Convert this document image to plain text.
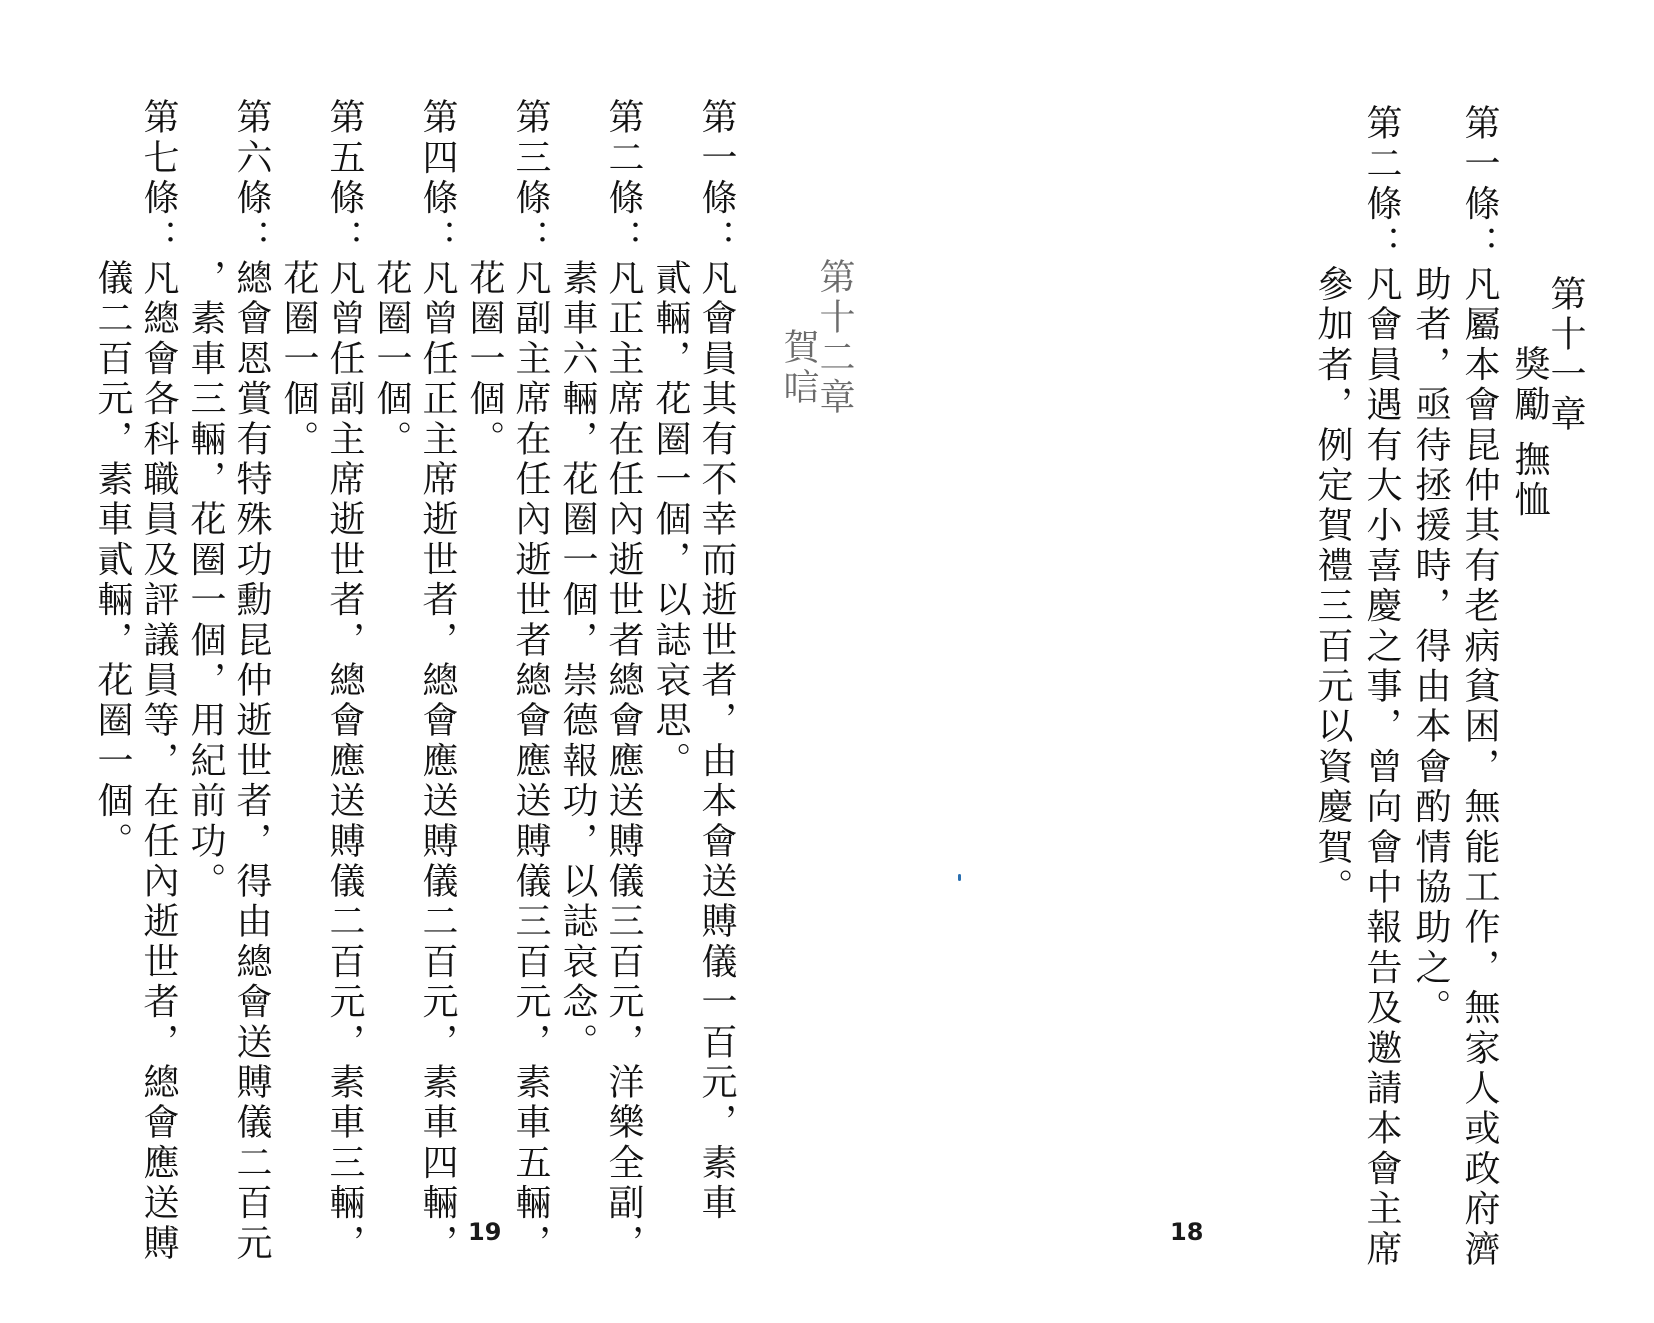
第十二章
賀唁
第一條：凡會員其有不幸而逝世者，由本會送賻儀一百元，素車
　　　　貳輛，花圈一個，以誌哀思。
第二條：凡正主席在任內逝世者總會應送賻儀三百元，洋樂全副，
　　　　素車六輛，花圈一個，崇德報功，以誌哀念。
第三條：凡副主席在任內逝世者總會應送賻儀三百元，素車五輛，
　　　　花圈一個。
第四條：凡曾任正主席逝世者，總會應送賻儀二百元，素車四輛，
　　　　花圈一個。
第五條：凡曾任副主席逝世者，總會應送賻儀二百元，素車三輛，
　　　　花圈一個。
第六條：總會恩賞有特殊功勳昆仲逝世者，得由總會送賻儀二百元
　　　　，素車三輛，花圈一個，用紀前功。
第七條：凡總會各科職員及評議員等，在任內逝世者，總會應送賻
　　　　儀二百元，素車貳輛，花圈一個。
19
第十一章
獎勵 撫恤
第一條：凡屬本會昆仲其有老病貧困，無能工作，無家人或政府濟
　　　　助者，亟待拯援時，得由本會酌情協助之。
第二條：凡會員遇有大小喜慶之事，曾向會中報告及邀請本會主席
　　　　參加者，例定賀禮三百元以資慶賀。
18
